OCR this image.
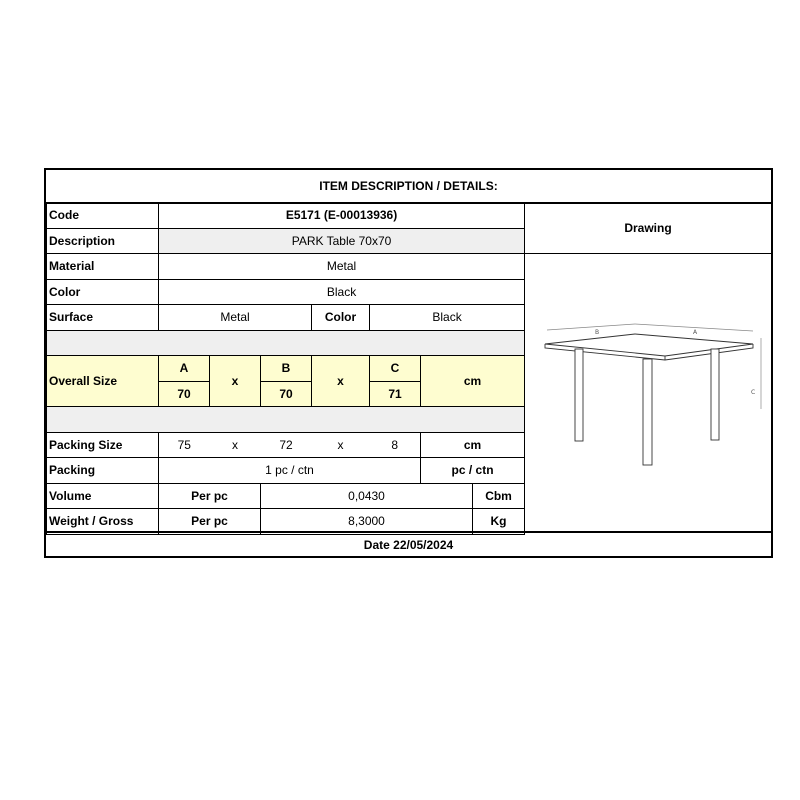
ITEM DESCRIPTION / DETAILS:
Code	E5171 (E-00013936)						
Description	PARK Table 70x70						
Material	Metal						
Color	Black						
Surface	Metal			Color	Black		

Overall Size	A	x	B	x	C	cm	
	70		70		71		

Packing Size	75	x	72	x	8	cm	
Packing	1 pc / ctn					pc / ctn	
Volume	Per pc		0,0430				Cbm
Weight / Gross	Per pc		8,3000				Kg
Drawing
B	A
C
Date 22/05/2024
